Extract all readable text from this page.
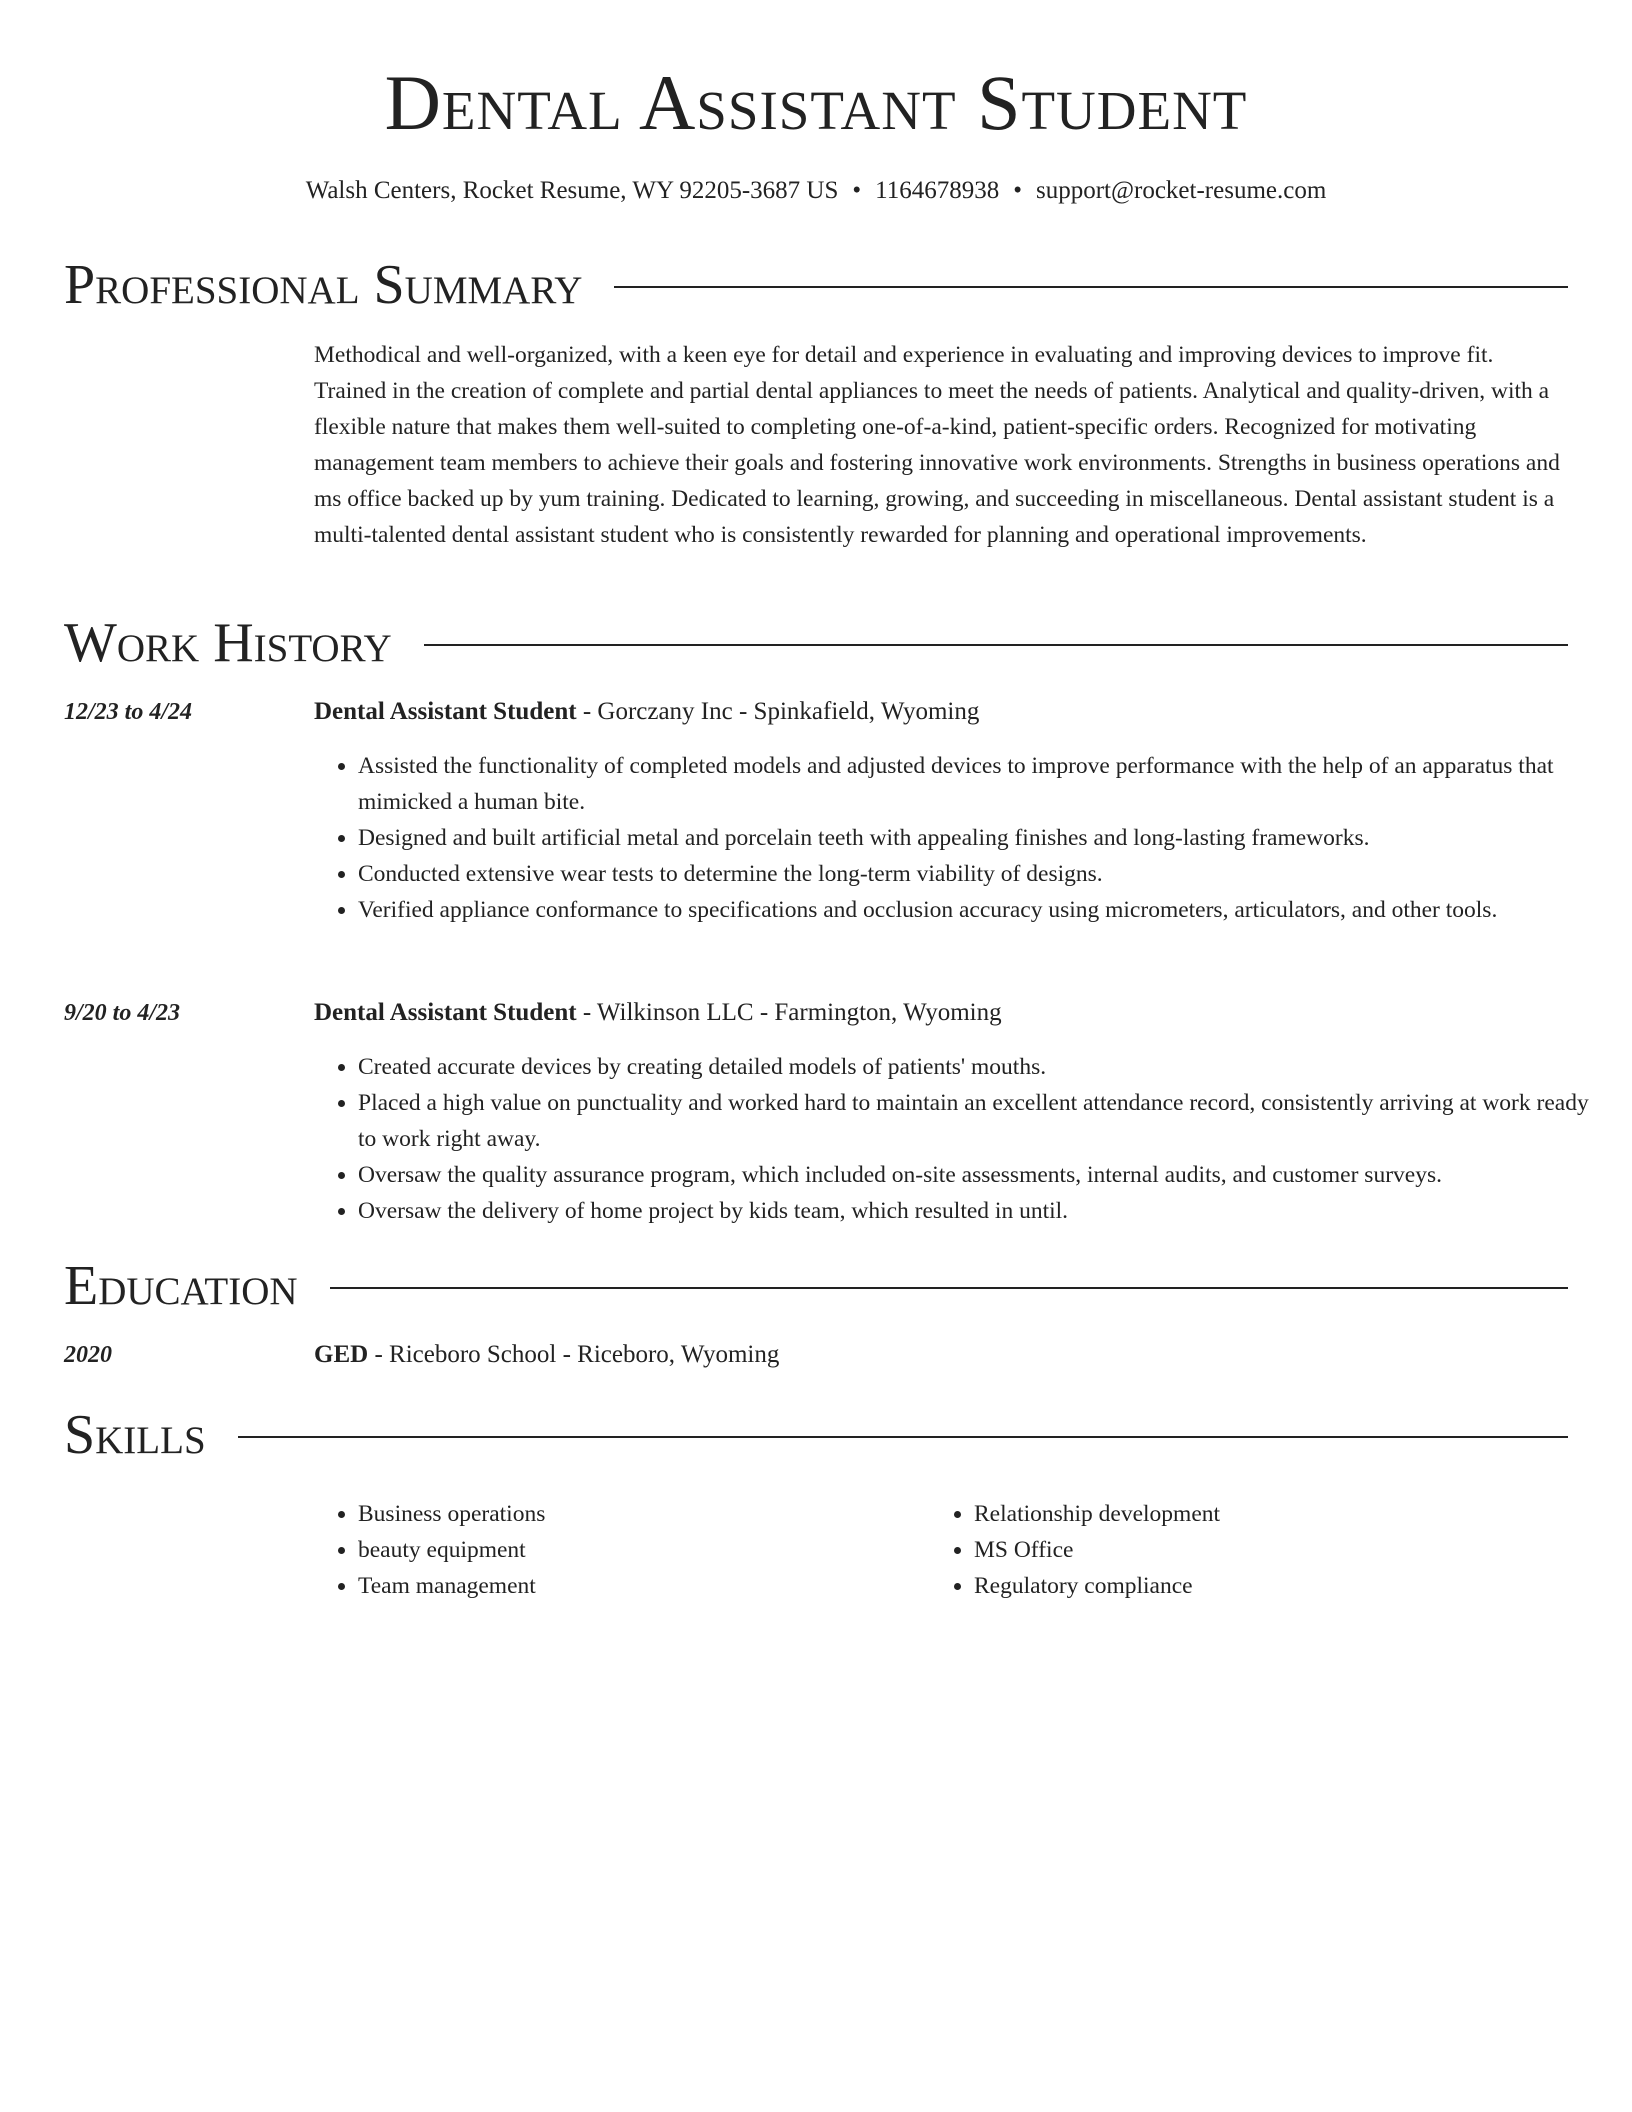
Dental Assistant Student
Walsh Centers, Rocket Resume, WY 92205-3687 US • 1164678938 • support@rocket-resume.com
Professional Summary

Methodical and well-organized, with a keen eye for detail and experience in evaluating and improving devices to improve fit. Trained in the creation of complete and partial dental appliances to meet the needs of patients. Analytical and quality-driven, with a flexible nature that makes them well-suited to completing one-of-a-kind, patient-specific orders. Recognized for motivating management team members to achieve their goals and fostering innovative work environments. Strengths in business operations and ms office backed up by yum training. Dedicated to learning, growing, and succeeding in miscellaneous. Dental assistant student is a multi-talented dental assistant student who is consistently rewarded for planning and operational improvements.

Work History
12/23 to 4/24	Dental Assistant Student - Gorczany Inc - Spinkafield, Wyoming
• Assisted the functionality of completed models and adjusted devices to improve performance with the help of an apparatus that mimicked a human bite.
• Designed and built artificial metal and porcelain teeth with appealing finishes and long-lasting frameworks.
• Conducted extensive wear tests to determine the long-term viability of designs.
• Verified appliance conformance to specifications and occlusion accuracy using micrometers, articulators, and other tools.
9/20 to 4/23	Dental Assistant Student - Wilkinson LLC - Farmington, Wyoming
• Created accurate devices by creating detailed models of patients' mouths.
• Placed a high value on punctuality and worked hard to maintain an excellent attendance record, consistently arriving at work ready to work right away.
• Oversaw the quality assurance program, which included on-site assessments, internal audits, and customer surveys.
• Oversaw the delivery of home project by kids team, which resulted in until.
Education
2020	GED - Riceboro School - Riceboro, Wyoming
Skills
• Business operations
• beauty equipment
• Team management
• Relationship development
• MS Office
• Regulatory compliance
